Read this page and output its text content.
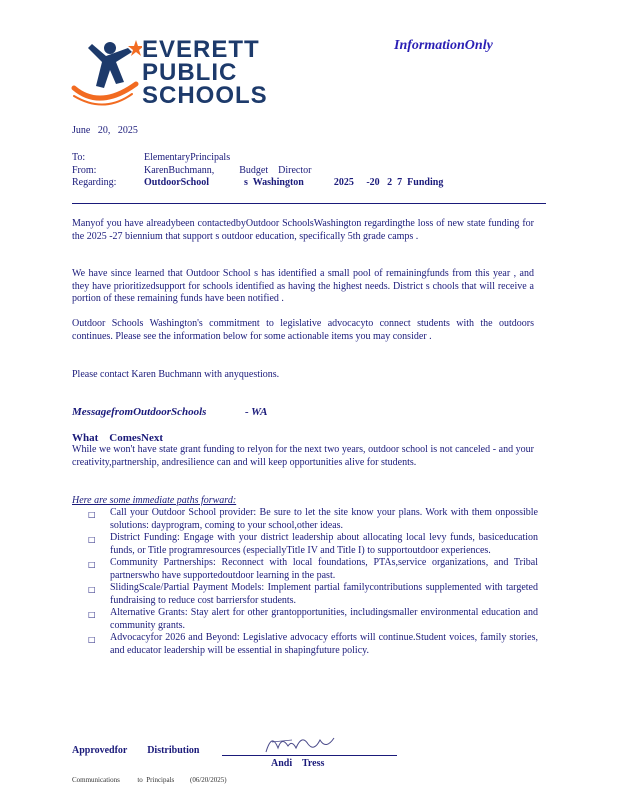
EVERETT
PUBLIC
SCHOOLS
InformationOnly
June   20,   2025
To:	ElementaryPrincipals
From:	KarenBuchmann,          Budget    Director
Regarding:	OutdoorSchool              s  Washington            2025     -20   2  7  Funding
Manyof you have alreadybeen contactedbyOutdoor SchoolsWashington regardingthe loss of new state funding for the 2025 -27 biennium that support s outdoor education, specifically 5th grade camps .
We have since learned that Outdoor School s has identified a small pool of remainingfunds from this year , and they have prioritizedsupport for schools identified as having the highest needs. District s chools that will receive a portion of these remaining funds have been notified .
Outdoor Schools Washington's commitment to legislative advocacyto connect students with the outdoors continues. Please see the information below for some actionable items you may consider .
Please contact Karen Buchmann with anyquestions.
MessagefromOutdoorSchools              - WA
What    ComesNext
While we won't have state grant funding to relyon for the next two years, outdoor school is not canceled - and your creativity,partnership, andresilience can and will keep opportunities alive for students.
Here are some immediate paths forward:
□	Call your Outdoor School provider: Be sure to let the site know your plans. Work with them onpossible solutions: dayprogram, coming to your school,other ideas.
□	District Funding: Engage with your district leadership about allocating local levy funds, basiceducation funds, or Title programresources (especiallyTitle IV and Title I) to supportoutdoor experiences.
□	Community Partnerships: Reconnect with local foundations, PTAs,service organizations, and Tribal partnerswho have supportedoutdoor learning in the past.
□	SlidingScale/Partial Payment Models: Implement partial familycontributions supplemented with targeted fundraising to reduce cost barriersfor students.
□	Alternative Grants: Stay alert for other grantopportunities, includingsmaller environmental education and community grants.
□	Advocacyfor 2026 and Beyond: Legislative advocacy efforts will continue.Student voices, family stories, and educator leadership will be essential in shapingfuture policy.
Approvedfor        Distribution
Andi    Tress
Communications          to  Principals         (06/20/2025)
